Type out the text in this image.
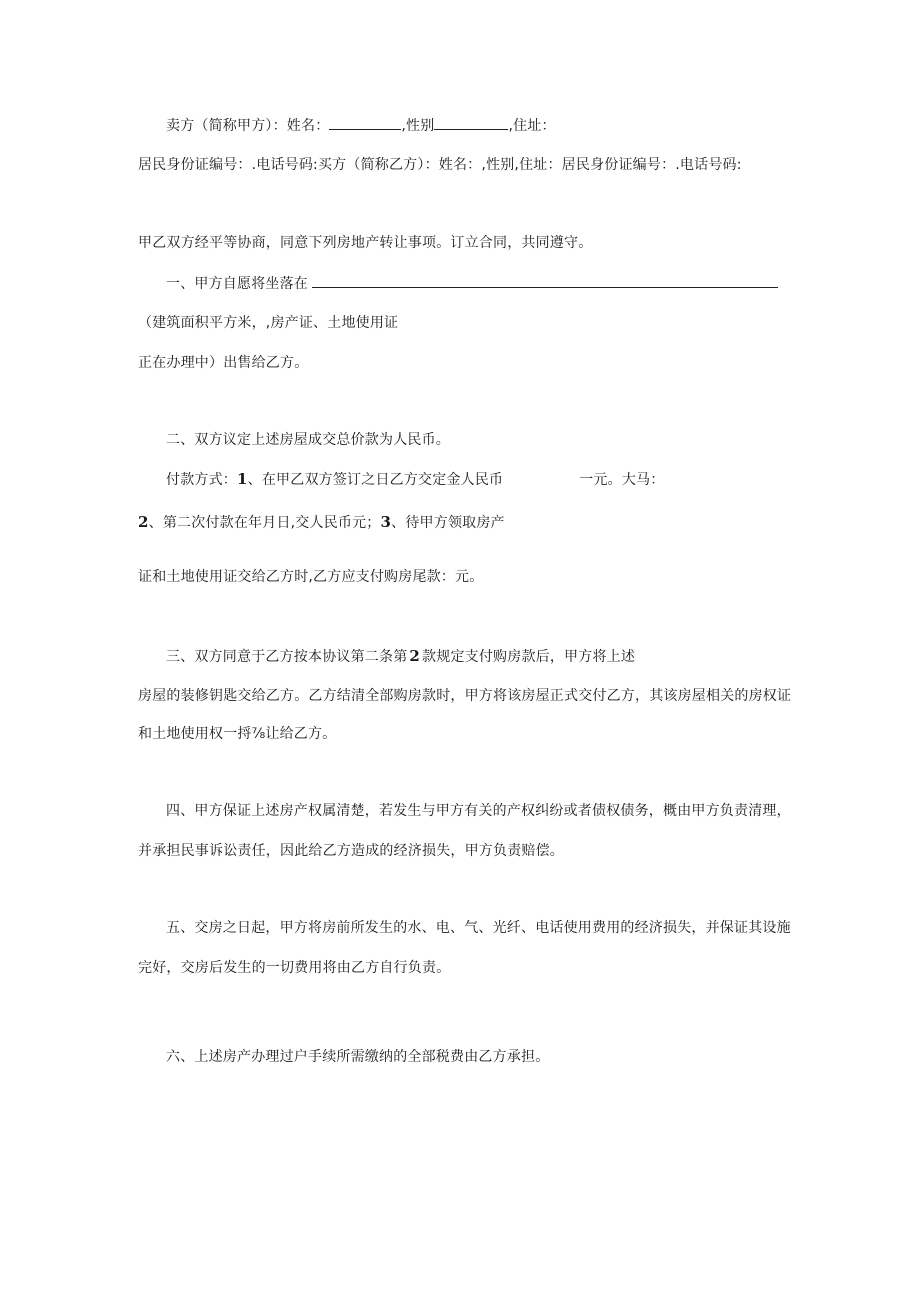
卖方（简称甲方）：姓名：	,性别	,住址：
居民身份证编号：.电话号码:买方（简称乙方）：姓名：,性别,住址：居民身份证编号：.电话号码:
甲乙双方经平等协商，同意下列房地产转让事项。订立合同，共同遵守。
一、甲方自愿将坐落在
（建筑面积平方米，,房产证、土地使用证
正在办理中）出售给乙方。
二、双方议定上述房屋成交总价款为人民币。
付款方式：1、在甲乙双方签订之日乙方交定金人民币	一元。大马：
2、第二次付款在年月日,交人民币元；3、待甲方领取房产
证和土地使用证交给乙方时,乙方应支付购房尾款：元。
三、双方同意于乙方按本协议第二条第 2 款规定支付购房款后，甲方将上述
房屋的装修钥匙交给乙方。乙方结清全部购房款时，甲方将该房屋正式交付乙方，其该房屋相关的房权证
和土地使用权一捋⅞让给乙方。
四、甲方保证上述房产权属清楚，若发生与甲方有关的产权纠纷或者债权债务，概由甲方负责清理，
并承担民事诉讼责任，因此给乙方造成的经济损失，甲方负责赔偿。
五、交房之日起，甲方将房前所发生的水、电、气、光纤、电话使用费用的经济损失，并保证其设施
完好，交房后发生的一切费用将由乙方自行负责。
六、上述房产办理过户手续所需缴纳的全部税费由乙方承担。
